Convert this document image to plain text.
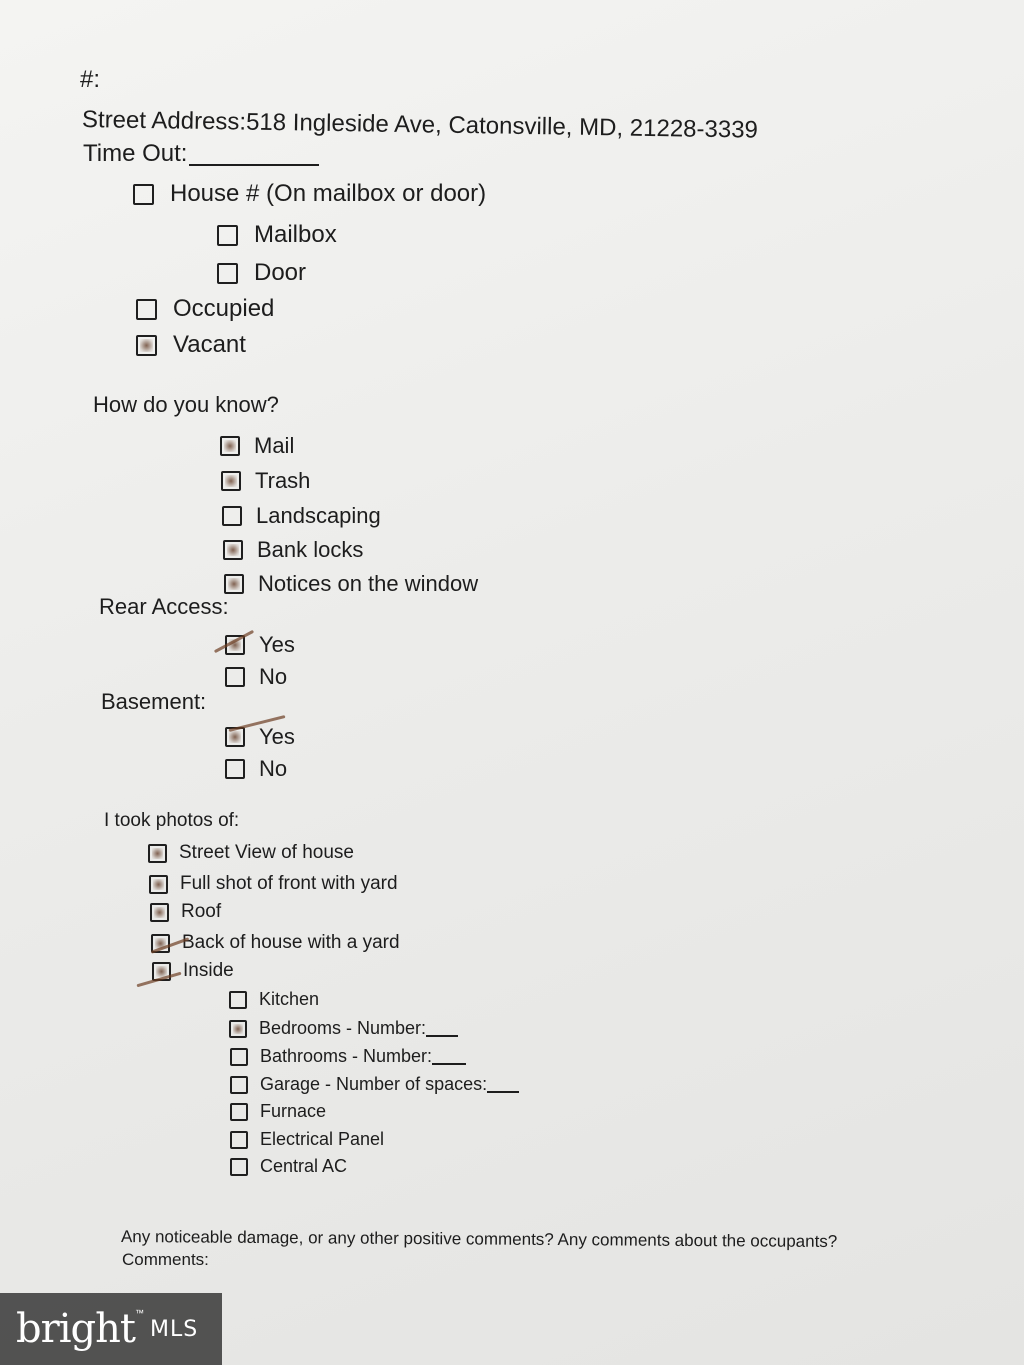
#:
Street Address:518 Ingleside Ave, Catonsville, MD, 21228-3339
Time Out:
House # (On mailbox or door)
Mailbox
Door
Occupied
Vacant
How do you know?
Mail
Trash
Landscaping
Bank locks
Notices on the window
Rear Access:
Yes
No
Basement:
Yes
No
I took photos of:
Street View of house
Full shot of front with yard
Roof
Back of house with a yard
Inside
Kitchen
Bedrooms - Number:
Bathrooms - Number:
Garage - Number of spaces:
Furnace
Electrical Panel
Central AC
Any noticeable damage, or any other positive comments? Any comments about the occupants?
Comments:
bright ™
MLS
